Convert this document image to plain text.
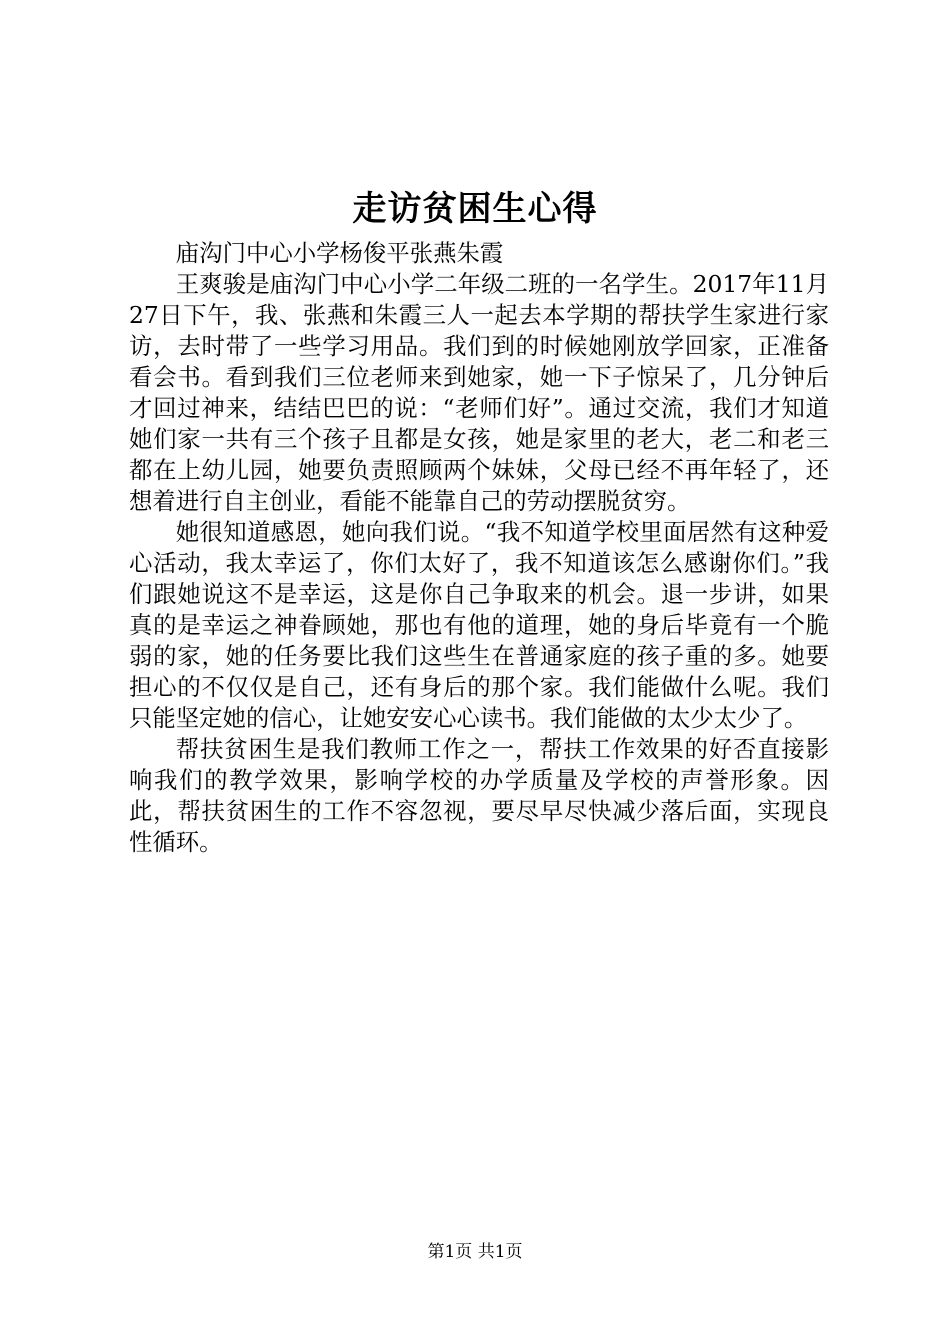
走访贫困生心得

庙沟门中心小学杨俊平张燕朱霞

王爽骏是庙沟门中心小学二年级二班的一名学生。2017年11月27日下午，我、张燕和朱霞三人一起去本学期的帮扶学生家进行家访，去时带了一些学习用品。我们到的时候她刚放学回家，正准备看会书。看到我们三位老师来到她家，她一下子惊呆了，几分钟后才回过神来，结结巴巴的说：“老师们好”。通过交流，我们才知道她们家一共有三个孩子且都是女孩，她是家里的老大，老二和老三都在上幼儿园，她要负责照顾两个妹妹，父母已经不再年轻了，还想着进行自主创业，看能不能靠自己的劳动摆脱贫穷。

她很知道感恩，她向我们说。“我不知道学校里面居然有这种爱心活动，我太幸运了，你们太好了，我不知道该怎么感谢你们。”我们跟她说这不是幸运，这是你自己争取来的机会。退一步讲，如果真的是幸运之神眷顾她，那也有他的道理，她的身后毕竟有一个脆弱的家，她的任务要比我们这些生在普通家庭的孩子重的多。她要担心的不仅仅是自己，还有身后的那个家。我们能做什么呢。我们只能坚定她的信心，让她安安心心读书。我们能做的太少太少了。

帮扶贫困生是我们教师工作之一，帮扶工作效果的好否直接影响我们的教学效果，影响学校的办学质量及学校的声誉形象。因此，帮扶贫困生的工作不容忽视，要尽早尽快减少落后面，实现良性循环。

第1页 共1页
